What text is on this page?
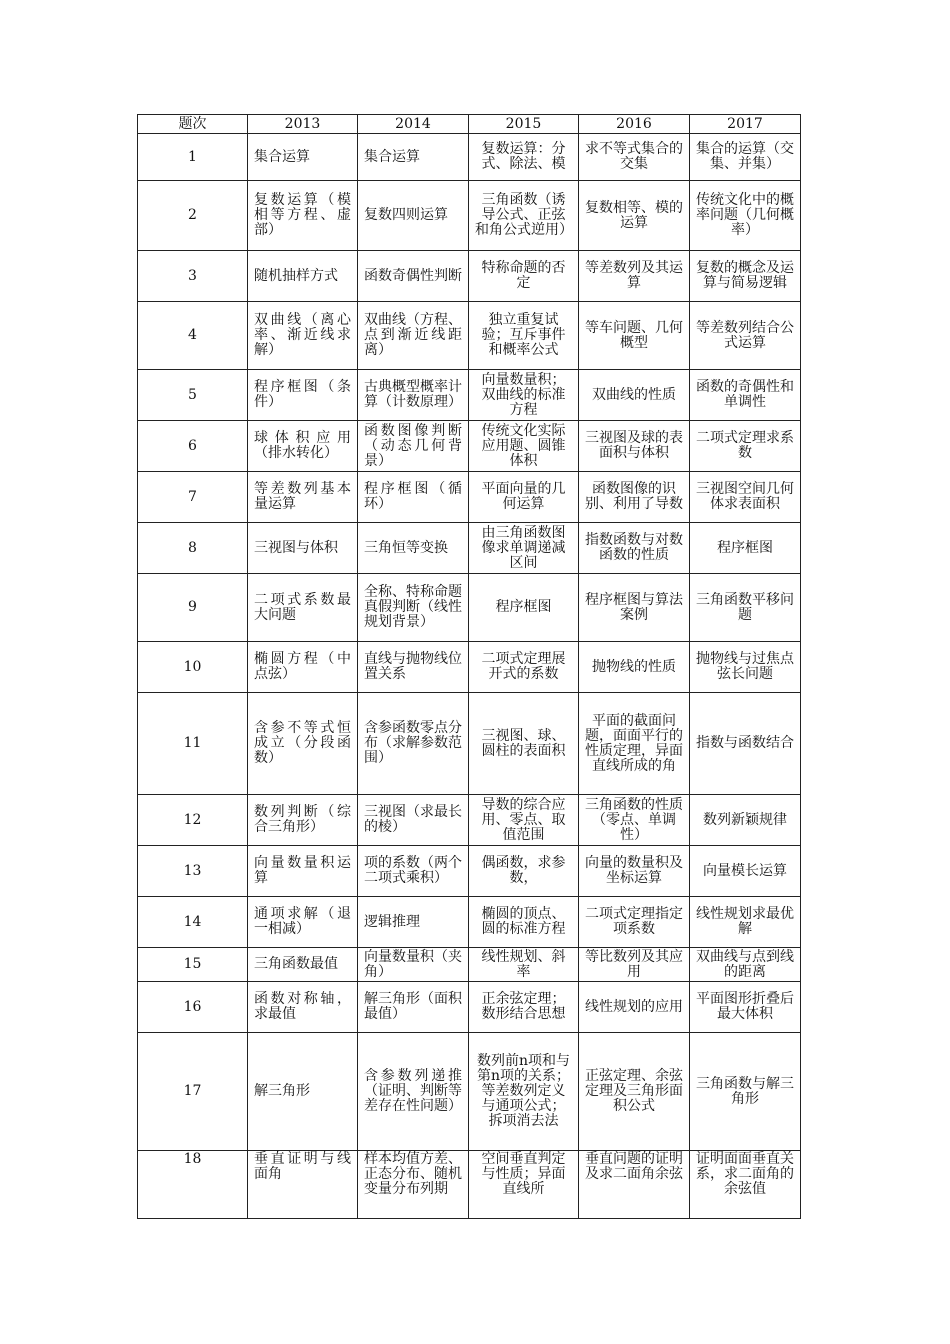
题次	2013	2014	2015	2016	2017
1	集合运算	集合运算	复数运算：分式、除法、模	求不等式集合的交集	集合的运算（交集、并集）
2	复数运算（模相等方程、虚部）	复数四则运算	三角函数（诱导公式、正弦和角公式逆用）	复数相等、模的运算	传统文化中的概率问题（几何概率）
3	随机抽样方式	函数奇偶性判断	特称命题的否定	等差数列及其运算	复数的概念及运算与简易逻辑
4	双曲线（离心率、渐近线求解）	双曲线（方程、点到渐近线距离）	独立重复试验；互斥事件和概率公式	等车问题、几何概型	等差数列结合公式运算
5	程序框图（条件）	古典概型概率计算（计数原理）	向量数量积；双曲线的标准方程	双曲线的性质	函数的奇偶性和单调性
6	球体积应用（排水转化）	函数图像判断（动态几何背景）	传统文化实际应用题、圆锥体积	三视图及球的表面积与体积	二项式定理求系数
7	等差数列基本量运算	程序框图（循环）	平面向量的几何运算	函数图像的识别、利用了导数	三视图空间几何体求表面积
8	三视图与体积	三角恒等变换	由三角函数图像求单调递减区间	指数函数与对数函数的性质	程序框图
9	二项式系数最大问题	全称、特称命题真假判断（线性规划背景）	程序框图	程序框图与算法案例	三角函数平移问题
10	椭圆方程（中点弦）	直线与抛物线位置关系	二项式定理展开式的系数	抛物线的性质	抛物线与过焦点弦长问题
11	含参不等式恒成立（分段函数）	含参函数零点分布（求解参数范围）	三视图、球、圆柱的表面积	平面的截面问题，面面平行的性质定理，异面直线所成的角	指数与函数结合
12	数列判断（综合三角形）	三视图（求最长的棱）	导数的综合应用、零点、取值范围	三角函数的性质（零点、单调性）	数列新颖规律
13	向量数量积运算	项的系数（两个二项式乘积）	偶函数，求参数，	向量的数量积及坐标运算	向量模长运算
14	通项求解（退一相减）	逻辑推理	椭圆的顶点、圆的标准方程	二项式定理指定项系数	线性规划求最优解
15	三角函数最值	向量数量积（夹角）	线性规划、斜率	等比数列及其应用	双曲线与点到线的距离
16	函数对称轴，求最值	解三角形（面积最值）	正余弦定理；数形结合思想	线性规划的应用	平面图形折叠后最大体积
17	解三角形	含参数列递推（证明、判断等差存在性问题）	数列前n项和与第n项的关系；等差数列定义与通项公式；拆项消去法	正弦定理、余弦定理及三角形面积公式	三角函数与解三角形
18	垂直证明与线面角	样本均值方差、正态分布、随机变量分布列期	空间垂直判定与性质；异面直线所	垂直问题的证明及求二面角余弦	证明面面垂直关系，求二面角的余弦值
